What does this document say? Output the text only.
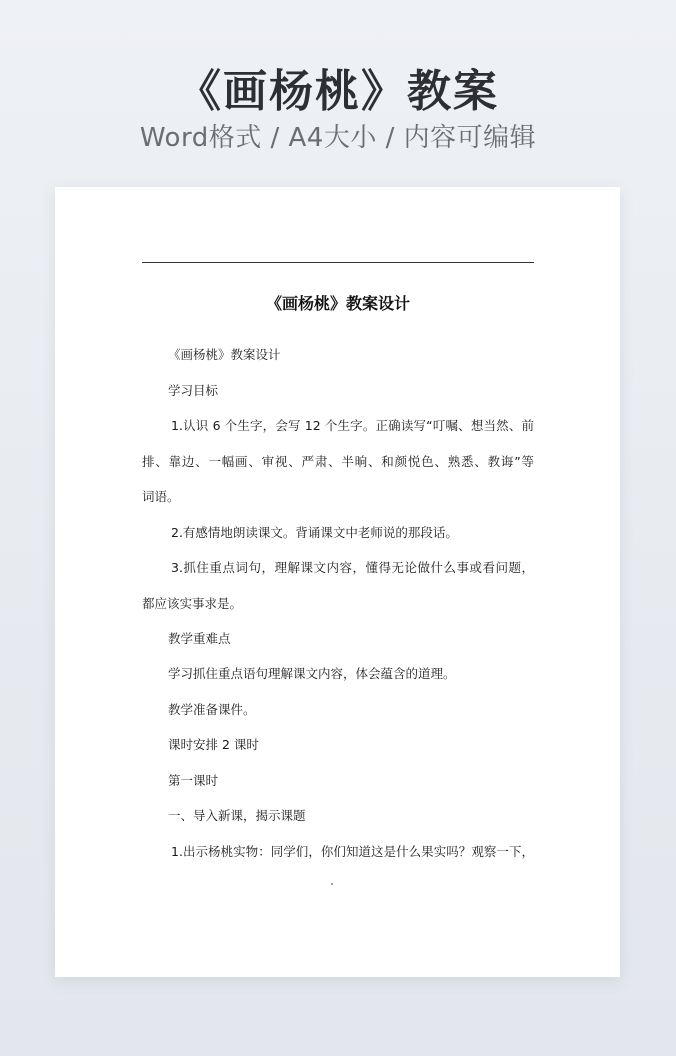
《画杨桃》教案
Word格式 / A4大小 / 内容可编辑
《画杨桃》教案设计
《画杨桃》教案设计
学习目标
1.认识 6 个生字，会写 12 个生字。正确读写“叮嘱、想当然、前
排、靠边、一幅画、审视、严肃、半晌、和颜悦色、熟悉、教诲”等
词语。
2.有感情地朗读课文。背诵课文中老师说的那段话。
3.抓住重点词句，理解课文内容，懂得无论做什么事或看问题，
都应该实事求是。
教学重难点
学习抓住重点语句理解课文内容，体会蕴含的道理。
教学准备课件。
课时安排 2 课时
第一课时
一、导入新课，揭示课题
1.出示杨桃实物：同学们，你们知道这是什么果实吗？观察一下，
